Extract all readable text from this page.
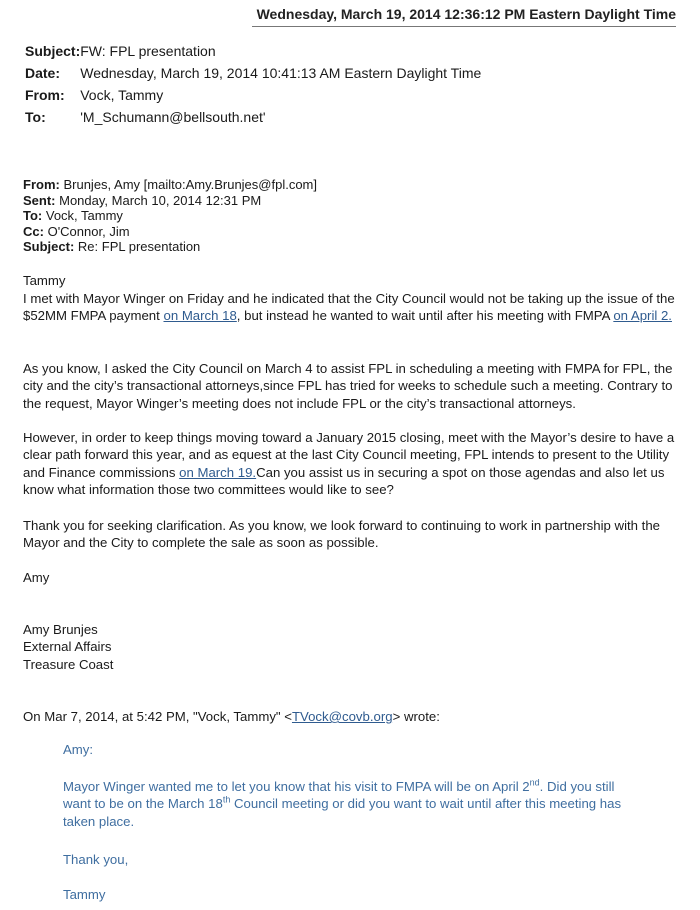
Wednesday, March 19, 2014 12:36:12 PM Eastern Daylight Time
Subject:	FW: FPL presentation
Date:	Wednesday, March 19, 2014 10:41:13 AM Eastern Daylight Time
From:	Vock, Tammy
To:	'M_Schumann@bellsouth.net'
From: Brunjes, Amy [mailto:Amy.Brunjes@fpl.com]
Sent: Monday, March 10, 2014 12:31 PM
To: Vock, Tammy
Cc: O'Connor, Jim
Subject: Re: FPL presentation
Tammy

I met with Mayor Winger on Friday and he indicated that the City Council would not be taking up the issue of the $52MM FMPA payment on March 18, but instead he wanted to wait until after his meeting with FMPA on April 2.

As you know, I asked the City Council on March 4 to assist FPL in scheduling a meeting with FMPA for FPL, the city and the city’s transactional attorneys,since FPL has tried for weeks to schedule such a meeting. Contrary to the request, Mayor Winger’s meeting does not include FPL or the city’s transactional attorneys.

However, in order to keep things moving toward a January 2015 closing, meet with the Mayor’s desire to have a clear path forward this year, and as equest at the last City Council meeting, FPL intends to present to the Utility and Finance commissions on March 19.Can you assist us in securing a spot on those agendas and also let us know what information those two committees would like to see?

Thank you for seeking clarification. As you know, we look forward to continuing to work in partnership with the Mayor and the City to complete the sale as soon as possible.

Amy
Amy Brunjes
External Affairs
Treasure Coast
On Mar 7, 2014, at 5:42 PM, "Vock, Tammy" <TVock@covb.org> wrote:
Amy:

Mayor Winger wanted me to let you know that his visit to FMPA will be on April 2nd. Did you still want to be on the March 18th Council meeting or did you want to wait until after this meeting has taken place.

Thank you,
Tammy
